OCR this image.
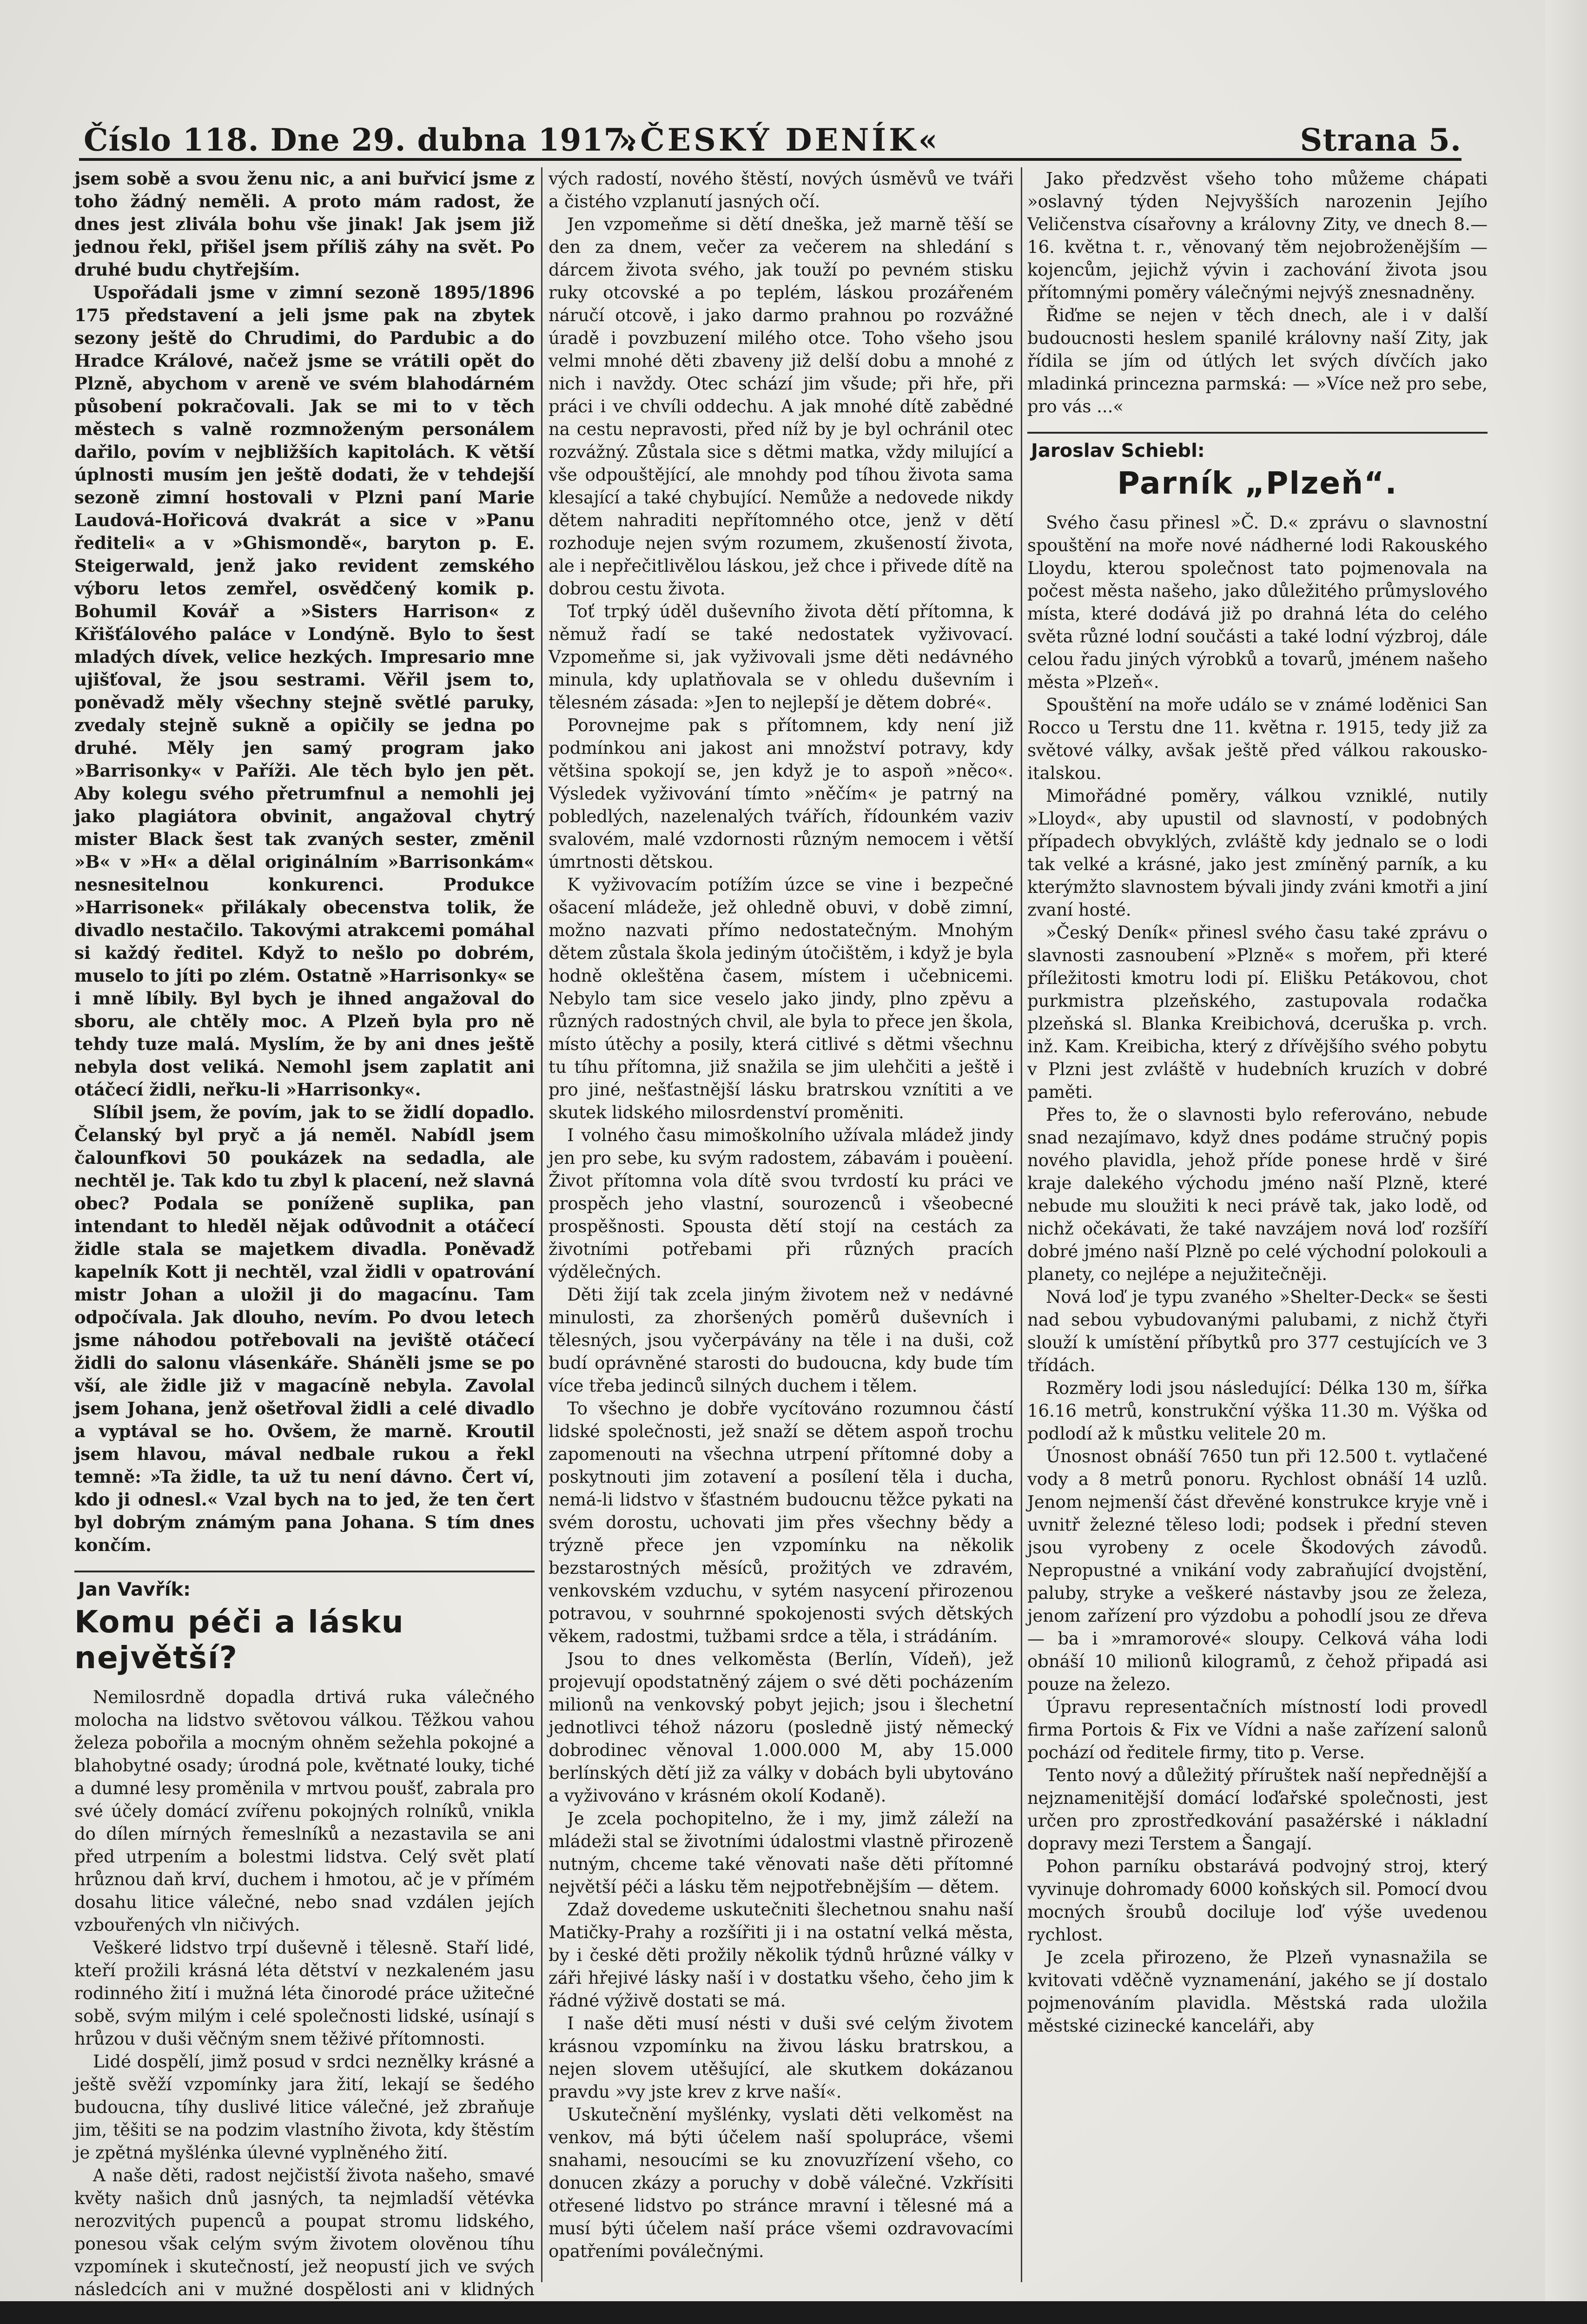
Číslo 118. Dne 29. dubna 1917.
»ČESKÝ DENÍK«	Strana 5.

jsem sobě a svou ženu nic, a ani buřvicí jsme z toho žádný neměli. A proto mám radost, že dnes jest zlivála bohu vše jinak! Jak jsem již jednou řekl, přišel jsem příliš záhy na svět. Po druhé budu chytřejším.

Uspořádali jsme v zimní sezoně 1895/1896 175 představení a jeli jsme pak na zbytek sezony ještě do Chrudimi, do Pardubic a do Hradce Králové, načež jsme se vrátili opět do Plzně, abychom v areně ve svém blahodárném působení pokračovali. Jak se mi to v těch městech s valně rozmnoženým personálem dařilo, povím v nejbližších kapitolách. K větší úplnosti musím jen ještě dodati, že v tehdejší sezoně zimní hostovali v Plzni paní Marie Laudová-Hořicová dvakrát a sice v »Panu řediteli« a v »Ghismondě«, baryton p. E. Steigerwald, jenž jako revident zemského výboru letos zemřel, osvědčený komik p. Bohumil Kovář a »Sisters Harrison« z Křišťálového paláce v Londýně. Bylo to šest mladých dívek, velice hezkých. Impresario mne ujišťoval, že jsou sestrami. Věřil jsem to, poněvadž měly všechny stejně světlé paruky, zvedaly stejně sukně a opičily se jedna po druhé. Měly jen samý program jako »Barrisonky« v Paříži. Ale těch bylo jen pět. Aby kolegu svého přetrumfnul a nemohli jej jako plagiátora obvinit, angažoval chytrý mister Black šest tak zvaných sester, změnil »B« v »H« a dělal originálním »Barrisonkám« nesnesitelnou konkurenci. Produkce »Harrisonek« přilákaly obecenstva tolik, že divadlo nestačilo. Takovými atrakcemi pomáhal si každý ředitel. Když to nešlo po dobrém, muselo to jíti po zlém. Ostatně »Harrisonky« se i mně líbily. Byl bych je ihned angažoval do sboru, ale chtěly moc. A Plzeň byla pro ně tehdy tuze malá. Myslím, že by ani dnes ještě nebyla dost veliká. Nemohl jsem zaplatit ani otáčecí židli, neřku-li »Harrisonky«.

Slíbil jsem, že povím, jak to se židlí dopadlo. Čelanský byl pryč a já neměl. Nabídl jsem čalounfkovi 50 poukázek na sedadla, ale nechtěl je. Tak kdo tu zbyl k placení, než slavná obec? Podala se poníženě suplika, pan intendant to hleděl nějak odůvodnit a otáčecí židle stala se majetkem divadla. Poněvadž kapelník Kott ji nechtěl, vzal židli v opatrování mistr Johan a uložil ji do magacínu. Tam odpočívala. Jak dlouho, nevím. Po dvou letech jsme náhodou potřebovali na jeviště otáčecí židli do salonu vlásenkáře. Sháněli jsme se po vší, ale židle již v magacíně nebyla. Zavolal jsem Johana, jenž ošetřoval židli a celé divadlo a vyptával se ho. Ovšem, že marně. Kroutil jsem hlavou, mával nedbale rukou a řekl temně: »Ta židle, ta už tu není dávno. Čert ví, kdo ji odnesl.« Vzal bych na to jed, že ten čert byl dobrým známým pana Johana. S tím dnes končím.

Jan Vavřík:
Komu péči a lásku největší?

Nemilosrdně dopadla drtivá ruka válečného molocha na lidstvo světovou válkou. Těžkou vahou železa pobořila a mocným ohněm sežehla pokojné a blahobytné osady; úrodná pole, květnaté louky, tiché a dumné lesy proměnila v mrtvou poušť, zabrala pro své účely domácí zvířenu pokojných rolníků, vnikla do dílen mírných řemeslníků a nezastavila se ani před utrpením a bolestmi lidstva. Celý svět platí hrůznou daň krví, duchem i hmotou, ač je v přímém dosahu litice válečné, nebo snad vzdálen jejích vzbouřených vln ničivých.

Veškeré lidstvo trpí duševně i tělesně. Staří lidé, kteří prožili krásná léta dětství v nezkaleném jasu rodinného žití i mužná léta činorodé práce užitečné sobě, svým milým i celé společnosti lidské, usínají s hrůzou v duši věčným snem těživé přítomnosti.

Lidé dospělí, jimž posud v srdci neznělky krásné a ještě svěží vzpomínky jara žití, lekají se šedého budoucna, tíhy duslivé litice válečné, jež zbraňuje jim, těšiti se na podzim vlastního života, kdy štěstím je zpětná myšlénka úlevné vyplněného žití.

A naše děti, radost nejčistší života našeho, smavé květy našich dnů jasných, ta nejmladší větévka nerozvitých pupenců a poupat stromu lidského, ponesou však celým svým životem olověnou tíhu vzpomínek i skutečností, jež neopustí jich ve svých následcích ani v mužné dospělosti ani v klidných

vých radostí, nového štěstí, nových úsměvů ve tváři a čistého vzplanutí jasných očí.

Jen vzpomeňme si dětí dneška, jež marně těší se den za dnem, večer za večerem na shledání s dárcem života svého, jak touží po pevném stisku ruky otcovské a po teplém, láskou prozářeném náručí otcově, i jako darmo prahnou po rozvážné úradě i povzbuzení milého otce. Toho všeho jsou velmi mnohé děti zbaveny již delší dobu a mnohé z nich i navždy. Otec schází jim všude; při hře, při práci i ve chvíli oddechu. A jak mnohé dítě zabědné na cestu nepravosti, před níž by je byl ochránil otec rozvážný. Zůstala sice s dětmi matka, vždy milující a vše odpouštějící, ale mnohdy pod tíhou života sama klesající a také chybující. Nemůže a nedovede nikdy dětem nahraditi nepřítomného otce, jenž v dětí rozhoduje nejen svým rozumem, zkušeností života, ale i nepřečitlivělou láskou, jež chce i přivede dítě na dobrou cestu života.

Toť trpký úděl duševního života dětí přítomna, k němuž řadí se také nedostatek vyživovací. Vzpomeňme si, jak vyživovali jsme děti nedávného minula, kdy uplatňovala se v ohledu duševním i tělesném zásada: »Jen to nejlepší je dětem dobré«.

Porovnejme pak s přítomnem, kdy není již podmínkou ani jakost ani množství potravy, kdy většina spokojí se, jen když je to aspoň »něco«. Výsledek vyživování tímto »něčím« je patrný na pobledlých, nazelenalých tvářích, řídounkém vaziv svalovém, malé vzdornosti různým nemocem i větší úmrtnosti dětskou.

K vyživovacím potížím úzce se vine i bezpečné ošacení mládeže, jež ohledně obuvi, v době zimní, možno nazvati přímo nedostatečným. Mnohým dětem zůstala škola jediným útočištěm, i když je byla hodně okleštěna časem, místem i učebnicemi. Nebylo tam sice veselo jako jindy, plno zpěvu a různých radostných chvil, ale byla to přece jen škola, místo útěchy a posily, která citlivé s dětmi všechnu tu tíhu přítomna, již snažila se jim ulehčiti a ještě i pro jiné, nešťastnější lásku bratrskou vznítiti a ve skutek lidského milosrdenství proměniti.

I volného času mimoškolního užívala mládež jindy jen pro sebe, ku svým radostem, zábavám i pouèení. Život přítomna vola dítě svou tvrdostí ku práci ve prospěch jeho vlastní, sourozenců i všeobecné prospěšnosti. Spousta dětí stojí na cestách za životními potřebami při různých pracích výdělečných.

Děti žijí tak zcela jiným životem než v nedávné minulosti, za zhoršených poměrů duševních i tělesných, jsou vyčerpávány na těle i na duši, což budí oprávněné starosti do budoucna, kdy bude tím více třeba jedinců silných duchem i tělem.

To všechno je dobře vycítováno rozumnou částí lidské společnosti, jež snaží se dětem aspoň trochu zapomenouti na všechna utrpení přítomné doby a poskytnouti jim zotavení a posílení těla i ducha, nemá-li lidstvo v šťastném budoucnu těžce pykati na svém dorostu, uchovati jim přes všechny bědy a trýzně přece jen vzpomínku na několik bezstarostných měsíců, prožitých ve zdravém, venkovském vzduchu, v sytém nasycení přirozenou potravou, v souhrnné spokojenosti svých dětských věkem, radostmi, tužbami srdce a těla, i strádáním.

Jsou to dnes velkoměsta (Berlín, Vídeň), jež projevují opodstatněný zájem o své děti pocházením milionů na venkovský pobyt jejich; jsou i šlechetní jednotlivci téhož názoru (posledně jistý německý dobrodinec věnoval 1.000.000 M, aby 15.000 berlínských dětí již za války v dobách byli ubytováno a vyživováno v krásném okolí Kodaně).

Je zcela pochopitelno, že i my, jimž záleží na mládeži stal se životními údalostmi vlastně přirozeně nutným, chceme také věnovati naše děti přítomné největší péči a lásku těm nejpotřebnějším — dětem.

Zdaž dovedeme uskutečniti šlechetnou snahu naší Matičky-Prahy a rozšířiti ji i na ostatní velká města, by i české děti prožily několik týdnů hrůzné války v záři hřejivé lásky naší i v dostatku všeho, čeho jim k řádné výživě dostati se má.

I naše děti musí nésti v duši své celým životem krásnou vzpomínku na živou lásku bratrskou, a nejen slovem utěšující, ale skutkem dokázanou pravdu »vy jste krev z krve naší«.

Uskutečnění myšlénky, vyslati děti velkoměst na venkov, má býti účelem naší spolupráce, všemi snahami, nesoucími se ku znovuzřízení všeho, co donucen zkázy a poruchy v době válečné. Vzkřísiti otřesené lidstvo po stránce mravní i tělesné má a musí býti účelem naší práce všemi ozdravovacími opatřeními poválečnými.

Jako předzvěst všeho toho můžeme chápati »oslavný týden Nejvyšších narozenin Jejího Veličenstva císařovny a královny Zity, ve dnech 8.—16. května t. r., věnovaný těm nejobroženějším — kojencům, jejichž vývin i zachování života jsou přítomnými poměry válečnými nejvýš znesnadněny.

Řiďme se nejen v těch dnech, ale i v další budoucnosti heslem spanilé královny naší Zity, jak řídila se jím od útlých let svých dívčích jako mladinká princezna parmská: — »Více než pro sebe, pro vás ...«

Jaroslav Schiebl:
Parník „Plzeň“.

Svého času přinesl »Č. D.« zprávu o slavnostní spouštění na moře nové nádherné lodi Rakouského Lloydu, kterou společnost tato pojmenovala na počest města našeho, jako důležitého průmyslového místa, které dodává již po drahná léta do celého světa různé lodní součásti a také lodní výzbroj, dále celou řadu jiných výrobků a tovarů, jménem našeho města »Plzeň«.

Spouštění na moře událo se v známé loděnici San Rocco u Terstu dne 11. května r. 1915, tedy již za světové války, avšak ještě před válkou rakousko-italskou.

Mimořádné poměry, válkou vzniklé, nutily »Lloyd«, aby upustil od slavností, v podobných případech obvyklých, zvláště kdy jednalo se o lodi tak velké a krásné, jako jest zmíněný parník, a ku kterýmžto slavnostem bývali jindy zváni kmotři a jiní zvaní hosté.

»Český Deník« přinesl svého času také zprávu o slavnosti zasnoubení »Plzně« s mořem, při které příležitosti kmotru lodi pí. Elišku Petákovou, chot purkmistra plzeňského, zastupovala rodačka plzeňská sl. Blanka Kreibichová, dceruška p. vrch. inž. Kam. Kreibicha, který z dřívějšího svého pobytu v Plzni jest zvláště v hudebních kruzích v dobré paměti.

Přes to, že o slavnosti bylo referováno, nebude snad nezajímavo, když dnes podáme stručný popis nového plavidla, jehož příde ponese hrdě v širé kraje dalekého východu jméno naší Plzně, které nebude mu sloužiti k neci právě tak, jako lodě, od nichž očekávati, že také navzájem nová loď rozšíří dobré jméno naší Plzně po celé východní polokouli a planety, co nejlépe a nejužitečněji.

Nová loď je typu zvaného »Shelter-Deck« se šesti nad sebou vybudovanými palubami, z nichž čtyři slouží k umístění příbytků pro 377 cestujících ve 3 třídách.

Rozměry lodi jsou následující: Délka 130 m, šířka 16.16 metrů, konstrukční výška 11.30 m. Výška od podlodí až k můstku velitele 20 m.

Únosnost obnáší 7650 tun při 12.500 t. vytlačené vody a 8 metrů ponoru. Rychlost obnáší 14 uzlů. Jenom nejmenší část dřevěné konstrukce kryje vně i uvnitř železné těleso lodi; podsek i přední steven jsou vyrobeny z ocele Škodových závodů. Nepropustné a vnikání vody zabraňující dvojstění, paluby, stryke a veškeré nástavby jsou ze železa, jenom zařízení pro výzdobu a pohodlí jsou ze dřeva — ba i »mramorové« sloupy. Celková váha lodi obnáší 10 milionů kilogramů, z čehož připadá asi pouze na železo.

Úpravu representačních místností lodi provedl firma Portois & Fix ve Vídni a naše zařízení salonů pochází od ředitele firmy, tito p. Verse.

Tento nový a důležitý příruštek naší nepřednější a nejznamenitější domácí loďařské společnosti, jest určen pro zprostředkování pasažérské i nákladní dopravy mezi Terstem a Šangají.

Pohon parníku obstarává podvojný stroj, který vyvinuje dohromady 6000 koňských sil. Pomocí dvou mocných šroubů dociluje loď výše uvedenou rychlost.

Je zcela přirozeno, že Plzeň vynasnažila se kvitovati vděčně vyznamenání, jakého se jí dostalo pojmenováním plavidla. Městská rada uložila městské cizinecké kanceláři, aby
